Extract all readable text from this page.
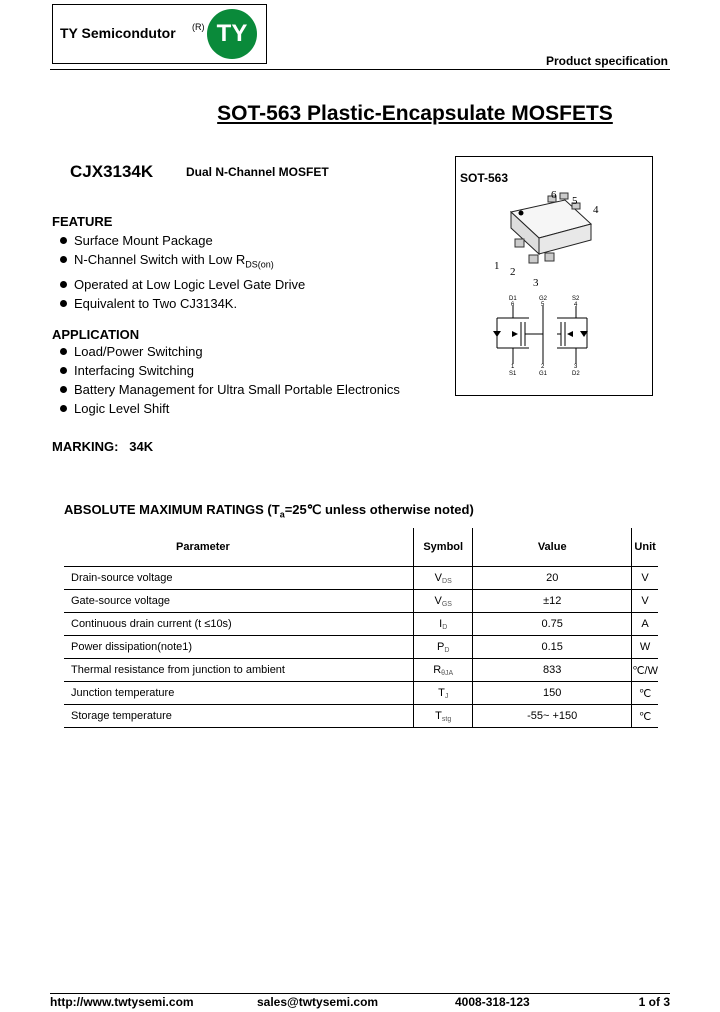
TY Semicondutor (R) TY
Product specification
SOT-563 Plastic-Encapsulate MOSFETS
CJX3134K	Dual N-Channel MOSFET
FEATURE
Surface Mount Package
N-Channel Switch with Low $R_{DS(on)}$
Operated at Low Logic Level Gate Drive
Equivalent to Two CJ3134K.
APPLICATION
Load/Power Switching
Interfacing Switching
Battery Management for Ultra Small Portable Electronics
Logic Level Shift
MARKING: 34K
SOT-563
6 5
4
1 2
3
D1	G2	S2
6	5	4
1	2	3
S1	G1	D2
ABSOLUTE MAXIMUM RATINGS ($T_a=25℃$ unless otherwise noted)
Parameter	Symbol	Value	Unit
Drain-source voltage	VDS	20	V
Gate-source voltage	VGS	±12	V
Continuous drain current (t ≤10s)	ID	0.75	A
Power dissipation(note1)	PD	0.15	W
Thermal resistance from junction to ambient	RθJA	833	℃/W
Junction temperature	TJ	150	℃
Storage temperature	Tstg	-55~ +150	℃
http://www.twtysemi.com	sales@twtysemi.com	4008-318-123	1 of 3
